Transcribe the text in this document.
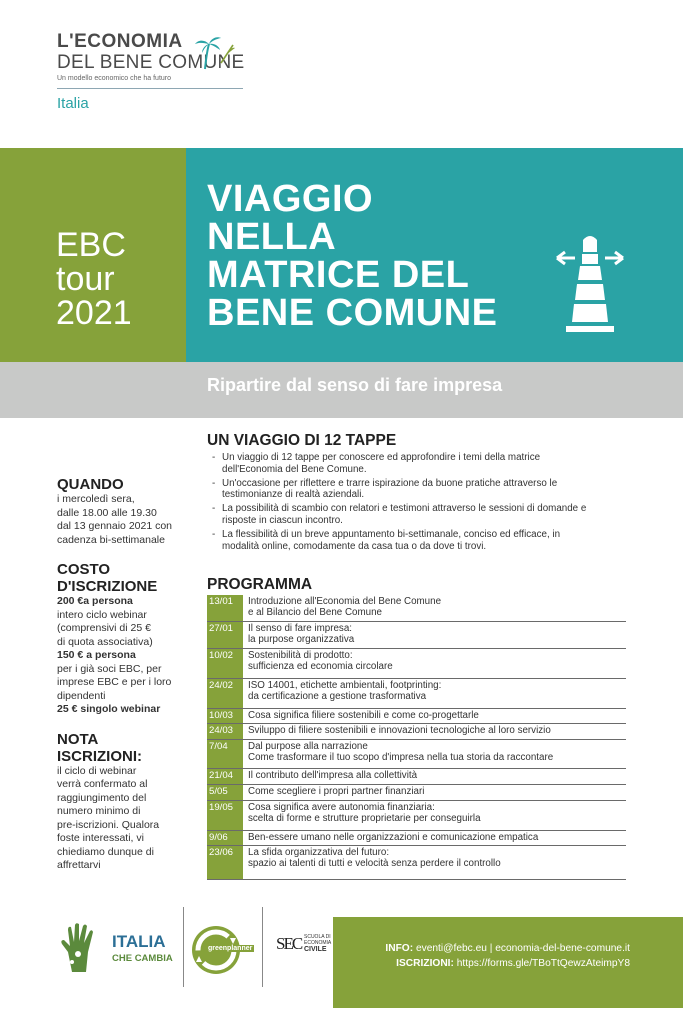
L'ECONOMIA
DEL BENE COMUNE
Un modello economico che ha futuro
Italia
EBC
tour
2021
VIAGGIO
NELLA
MATRICE DEL
BENE COMUNE
Ripartire dal senso di fare impresa
QUANDO
i mercoledì sera,
dalle 18.00 alle 19.30
dal 13 gennaio 2021 con
cadenza bi-settimanale
COSTO
D'ISCRIZIONE
200 €a persona
intero ciclo webinar
(comprensivi di 25 €
di quota associativa)
150 € a persona
per i già soci EBC, per
imprese EBC e per i loro
dipendenti
25 € singolo webinar
NOTA
ISCRIZIONI:
il ciclo di webinar
verrà confermato al
raggiungimento del
numero minimo di
pre-iscrizioni. Qualora
foste interessati, vi
chiediamo dunque di
affrettarvi
UN VIAGGIO DI 12 TAPPE
- Un viaggio di 12 tappe per conoscere ed approfondire i temi della matrice
dell'Economia del Bene Comune.
- Un'occasione per riflettere e trarre ispirazione da buone pratiche attraverso le
testimonianze di realtà aziendali.
- La possibilità di scambio con relatori e testimoni attraverso le sessioni di domande e
risposte in ciascun incontro.
- La flessibilità di un breve appuntamento bi-settimanale, conciso ed efficace, in
modalità online, comodamente da casa tua o da dove ti trovi.
PROGRAMMA
13/01	Introduzione all'Economia del Bene Comune
e al Bilancio del Bene Comune
27/01	Il senso di fare impresa:
la purpose organizzativa
10/02	Sostenibilità di prodotto:
sufficienza ed economia circolare
24/02	ISO 14001, etichette ambientali, footprinting:
da certificazione a gestione trasformativa
10/03	Cosa significa filiere sostenibili e come co-progettarle
24/03	Sviluppo di filiere sostenibili e innovazioni tecnologiche al loro servizio
7/04	Dal purpose alla narrazione
Come trasformare il tuo scopo d'impresa nella tua storia da raccontare
21/04	Il contributo dell'impresa alla collettività
5/05	Come scegliere i propri partner finanziari
19/05	Cosa significa avere autonomia finanziaria:
scelta di forme e strutture proprietarie per conseguirla
9/06	Ben-essere umano nelle organizzazioni e comunicazione empatica
23/06	La sfida organizzativa del futuro:
spazio ai talenti di tutti e velocità senza perdere il controllo
ITALIA
CHE CAMBIA
greenplanner SEC SCUOLA DI
ECONOMIA
CIVILE	INFO: eventi@febc.eu | economia-del-bene-comune.it
ISCRIZIONI: https://forms.gle/TBoTtQewzAteimpY8
